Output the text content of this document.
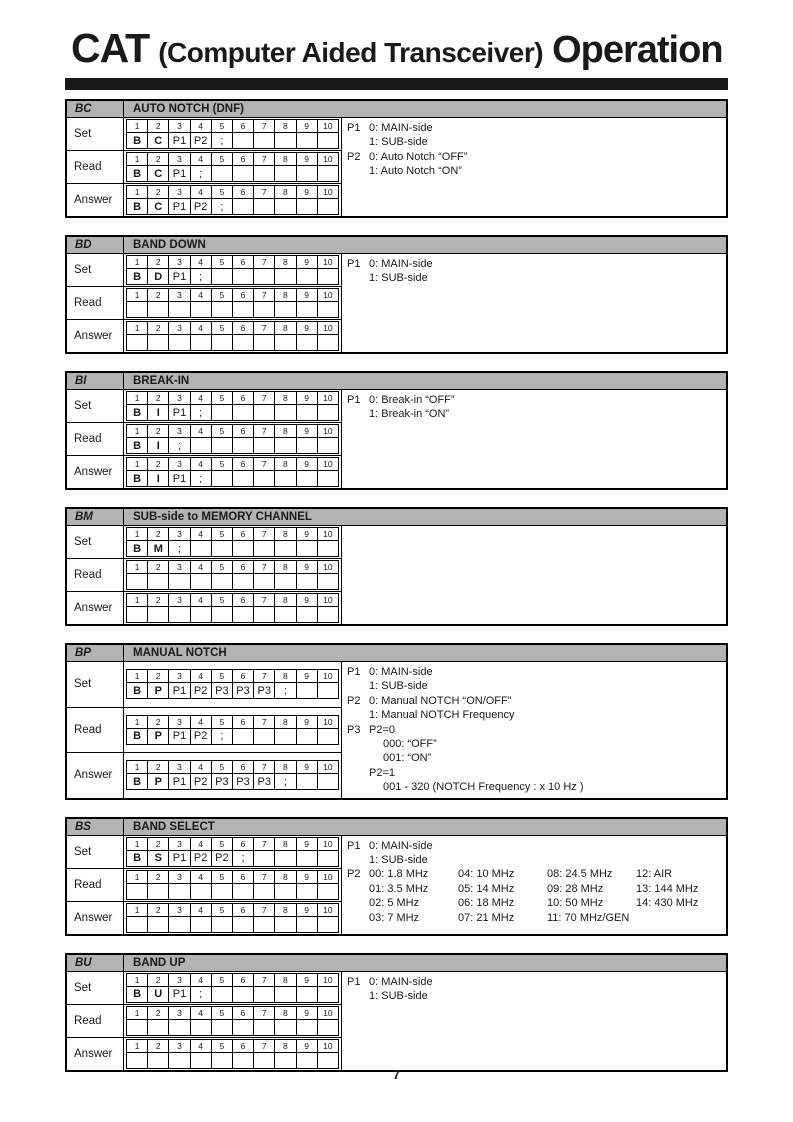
CAT (Computer Aided Transceiver) Operation
BC	AUTO NOTCH (DNF)
Set
1	2	3	4	5	6	7	8	9	10
B	C	P1	P2	;					
Read
1	2	3	4	5	6	7	8	9	10
B	C	P1	;						
Answer
1	2	3	4	5	6	7	8	9	10
B	C	P1	P2	;					
P1 0: MAIN-side
1: SUB-side
P2 0: Auto Notch “OFF”
1: Auto Notch “ON”
BD	BAND DOWN
Set
1	2	3	4	5	6	7	8	9	10
B	D	P1	;						
Read
1	2	3	4	5	6	7	8	9	10

Answer
1	2	3	4	5	6	7	8	9	10

P1 0: MAIN-side
1: SUB-side
BI	BREAK-IN
Set
1	2	3	4	5	6	7	8	9	10
B	I	P1	;						
Read
1	2	3	4	5	6	7	8	9	10
B	I	;							
Answer
1	2	3	4	5	6	7	8	9	10
B	I	P1	;						
P1 0: Break-in “OFF”
1: Break-in “ON”
BM	SUB-side to MEMORY CHANNEL
Set
1	2	3	4	5	6	7	8	9	10
B	M	;							
Read
1	2	3	4	5	6	7	8	9	10

Answer
1	2	3	4	5	6	7	8	9	10

BP	MANUAL NOTCH
Set
1	2	3	4	5	6	7	8	9	10
B	P	P1	P2	P3	P3	P3	;		
Read
1	2	3	4	5	6	7	8	9	10
B	P	P1	P2	;					
Answer
1	2	3	4	5	6	7	8	9	10
B	P	P1	P2	P3	P3	P3	;		
P1 0: MAIN-side
1: SUB-side
P2 0: Manual NOTCH “ON/OFF”
1: Manual NOTCH Frequency
P3 P2=0
000: “OFF”
001: “ON”
P2=1
001 - 320 (NOTCH Frequency : x 10 Hz )
BS	BAND SELECT
Set
1	2	3	4	5	6	7	8	9	10
B	S	P1	P2	P2	;				
Read
1	2	3	4	5	6	7	8	9	10

Answer
1	2	3	4	5	6	7	8	9	10

P1 0: MAIN-side
1: SUB-side
P2 00: 1.8 MHz	04: 10 MHz	08: 24.5 MHz	12: AIR
01: 3.5 MHz	05: 14 MHz	09: 28 MHz	13: 144 MHz
02: 5 MHz	06: 18 MHz	10: 50 MHz	14: 430 MHz
03: 7 MHz	07: 21 MHz	11: 70 MHz/GEN
BU	BAND UP
Set
1	2	3	4	5	6	7	8	9	10
B	U	P1	;						
Read
1	2	3	4	5	6	7	8	9	10

Answer
1	2	3	4	5	6	7	8	9	10

P1 0: MAIN-side
1: SUB-side
7
